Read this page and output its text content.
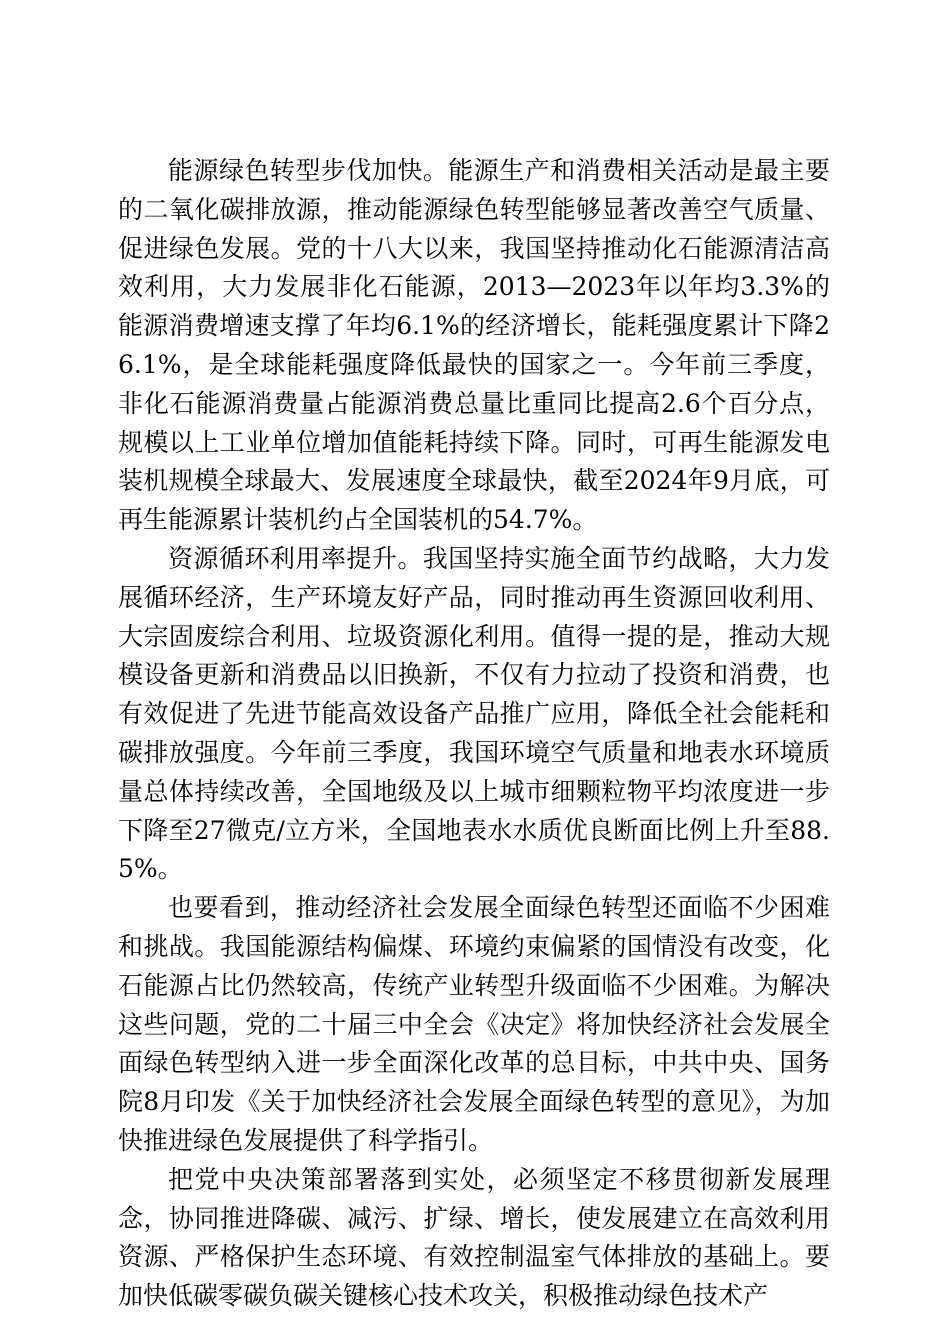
能源绿色转型步伐加快。能源生产和消费相关活动是最主要的二氧化碳排放源，推动能源绿色转型能够显著改善空气质量、促进绿色发展。党的十八大以来，我国坚持推动化石能源清洁高效利用，大力发展非化石能源，2013—2023年以年均3.3%的能源消费增速支撑了年均6.1%的经济增长，能耗强度累计下降26.1%，是全球能耗强度降低最快的国家之一。今年前三季度，非化石能源消费量占能源消费总量比重同比提高2.6个百分点，规模以上工业单位增加值能耗持续下降。同时，可再生能源发电装机规模全球最大、发展速度全球最快，截至2024年9月底，可再生能源累计装机约占全国装机的54.7%。

资源循环利用率提升。我国坚持实施全面节约战略，大力发展循环经济，生产环境友好产品，同时推动再生资源回收利用、大宗固废综合利用、垃圾资源化利用。值得一提的是，推动大规模设备更新和消费品以旧换新，不仅有力拉动了投资和消费，也有效促进了先进节能高效设备产品推广应用，降低全社会能耗和碳排放强度。今年前三季度，我国环境空气质量和地表水环境质量总体持续改善，全国地级及以上城市细颗粒物平均浓度进一步下降至27微克/立方米，全国地表水水质优良断面比例上升至88.5%。

也要看到，推动经济社会发展全面绿色转型还面临不少困难和挑战。我国能源结构偏煤、环境约束偏紧的国情没有改变，化石能源占比仍然较高，传统产业转型升级面临不少困难。为解决这些问题，党的二十届三中全会《决定》将加快经济社会发展全面绿色转型纳入进一步全面深化改革的总目标，中共中央、国务院8月印发《关于加快经济社会发展全面绿色转型的意见》，为加快推进绿色发展提供了科学指引。

把党中央决策部署落到实处，必须坚定不移贯彻新发展理念，协同推进降碳、减污、扩绿、增长，使发展建立在高效利用资源、严格保护生态环境、有效控制温室气体排放的基础上。要加快低碳零碳负碳关键核心技术攻关，积极推动绿色技术产
